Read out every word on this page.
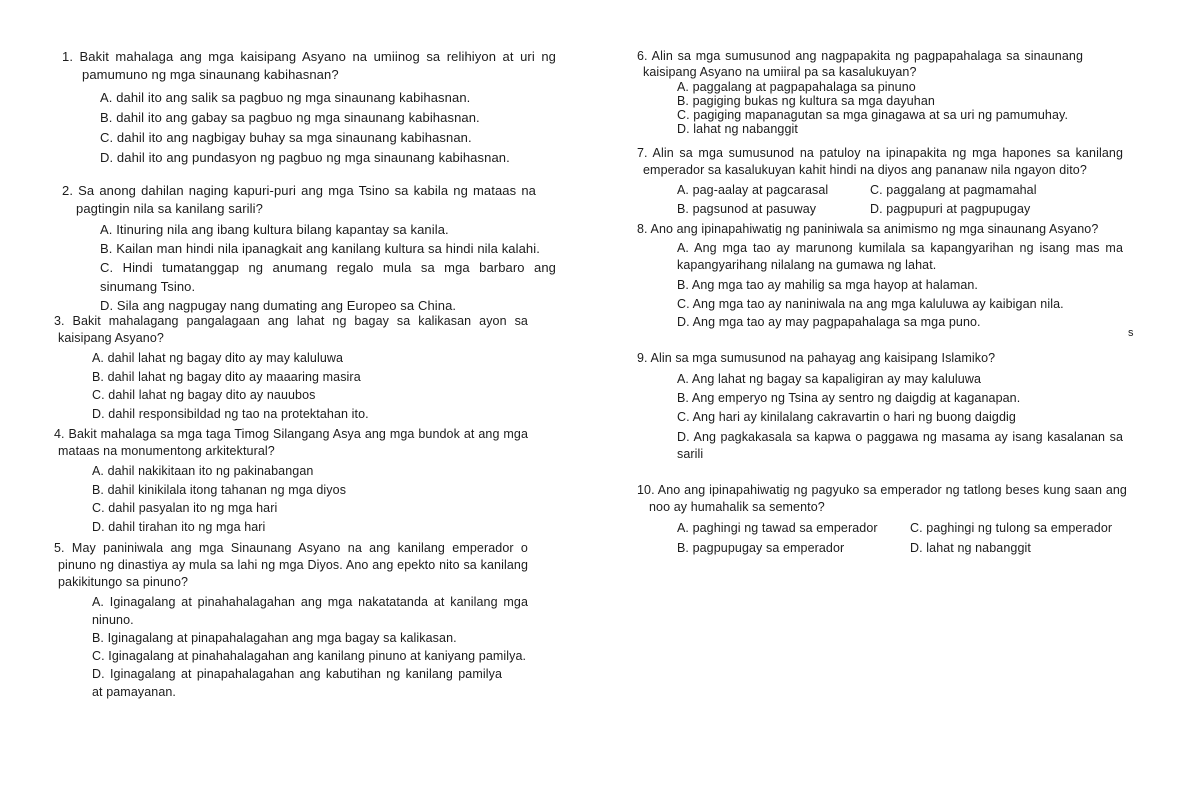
1. Bakit mahalaga ang mga kaisipang Asyano na umiinog sa relihiyon at uri ng pamumuno ng mga sinaunang kabihasnan?
A. dahil ito ang salik sa pagbuo ng mga sinaunang kabihasnan.
B. dahil ito ang gabay sa pagbuo ng mga sinaunang kabihasnan.
C. dahil ito ang nagbigay buhay sa mga sinaunang kabihasnan.
D. dahil ito ang pundasyon ng pagbuo ng mga sinaunang kabihasnan.
2. Sa anong dahilan naging kapuri-puri ang mga Tsino sa kabila ng mataas na pagtingin nila sa kanilang sarili?
A. Itinuring nila ang ibang kultura bilang kapantay sa kanila.
B. Kailan man hindi nila ipanagkait ang kanilang kultura sa hindi nila kalahi.
C. Hindi tumatanggap ng anumang regalo mula sa mga barbaro ang sinumang Tsino.
D. Sila ang nagpugay nang dumating ang Europeo sa China.
3. Bakit mahalagang pangalagaan ang lahat ng bagay sa kalikasan ayon sa kaisipang Asyano?
A. dahil lahat ng bagay dito ay may kaluluwa
B. dahil lahat ng bagay dito ay maaaring masira
C. dahil lahat ng bagay dito ay nauubos
D. dahil responsibildad ng tao na protektahan ito.
4. Bakit mahalaga sa mga taga Timog Silangang Asya ang mga bundok at ang mga mataas na monumentong arkitektural?
A. dahil nakikitaan ito ng pakinabangan
B. dahil kinikilala itong tahanan ng mga diyos
C. dahil pasyalan ito ng mga hari
D. dahil tirahan ito ng mga hari
5. May paniniwala ang mga Sinaunang Asyano na ang kanilang emperador o pinuno ng dinastiya ay mula sa lahi ng mga Diyos. Ano ang epekto nito sa kanilang pakikitungo sa pinuno?
A. Iginagalang at pinahahalagahan ang mga nakatatanda at kanilang mga ninuno.
B. Iginagalang at pinapahalagahan ang mga bagay sa kalikasan.
C. Iginagalang at pinahahalagahan ang kanilang pinuno at kaniyang pamilya.
D. Iginagalang at pinapahalagahan ang kabutihan ng kanilang pamilya at pamayanan.
6. Alin sa mga sumusunod ang nagpapakita ng pagpapahalaga sa sinaunang kaisipang Asyano na umiiral pa sa kasalukuyan?
A. paggalang at pagpapahalaga sa pinuno
B. pagiging bukas ng kultura sa mga dayuhan
C. pagiging mapanagutan sa mga ginagawa at sa uri ng pamumuhay.
D. lahat ng nabanggit
7. Alin sa mga sumusunod na patuloy na ipinapakita ng mga hapones sa kanilang emperador sa kasalukuyan kahit hindi na diyos ang pananaw nila ngayon dito?
A. pag-aalay at pagcarasal	C. paggalang at pagmamahal
B. pagsunod at pasuway	D. pagpupuri at pagpupugay
8. Ano ang ipinapahiwatig ng paniniwala sa animismo ng mga sinaunang Asyano?
A. Ang mga tao ay marunong kumilala sa kapangyarihan ng isang mas ma kapangyarihang nilalang na gumawa ng lahat.
B. Ang mga tao ay mahilig sa mga hayop at halaman.
C. Ang mga tao ay naniniwala na ang mga kaluluwa ay kaibigan nila.
D. Ang mga tao ay may pagpapahalaga sa mga puno.
9. Alin sa mga sumusunod na pahayag ang kaisipang Islamiko?
A. Ang lahat ng bagay sa kapaligiran ay may kaluluwa
B. Ang emperyo ng Tsina ay sentro ng daigdig at kaganapan.
C. Ang hari ay kinilalang cakravartin o hari ng buong daigdig
D. Ang pagkakasala sa kapwa o paggawa ng masama ay isang kasalanan sa sarili
10. Ano ang ipinapahiwatig ng pagyuko sa emperador ng tatlong beses kung saan ang noo ay humahalik sa semento?
A. paghingi ng tawad sa emperador	C. paghingi ng tulong sa emperador
B. pagpupugay sa emperador	D. lahat ng nabanggit
s
